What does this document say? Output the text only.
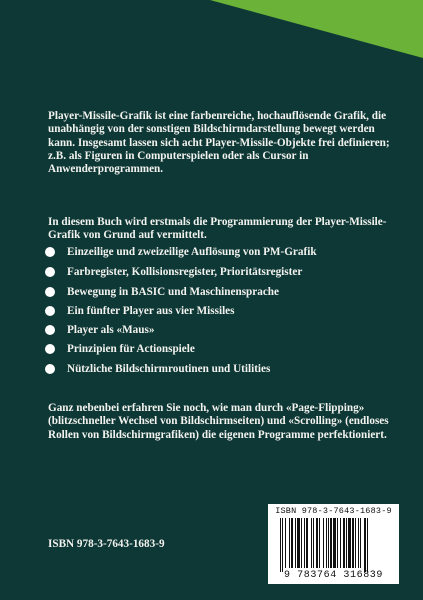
Player-Missile-Grafik ist eine farbenreiche, hochauflösende Grafik, die unabhängig von der sonstigen Bildschirmdarstellung bewegt werden kann. Insgesamt lassen sich acht Player-Missile-Objekte frei definieren; z.B. als Figuren in Computerspielen oder als Cursor in Anwenderprogrammen.

In diesem Buch wird erstmals die Programmierung der Player-Missile-Grafik von Grund auf vermittelt.

Einzeilige und zweizeilige Auflösung von PM-Grafik
Farbregister, Kollisionsregister, Prioritätsregister
Bewegung in BASIC und Maschinensprache
Ein fünfter Player aus vier Missiles
Player als «Maus»
Prinzipien für Actionspiele
Nützliche Bildschirmroutinen und Utilities

Ganz nebenbei erfahren Sie noch, wie man durch «Page-Flipping» (blitzschneller Wechsel von Bildschirmseiten) und «Scrolling» (endloses Rollen von Bildschirmgrafiken) die eigenen Programme perfektioniert.

ISBN 978-3-7643-1683-9
ISBN 978-3-7643-1683-9
9 783764 316839
